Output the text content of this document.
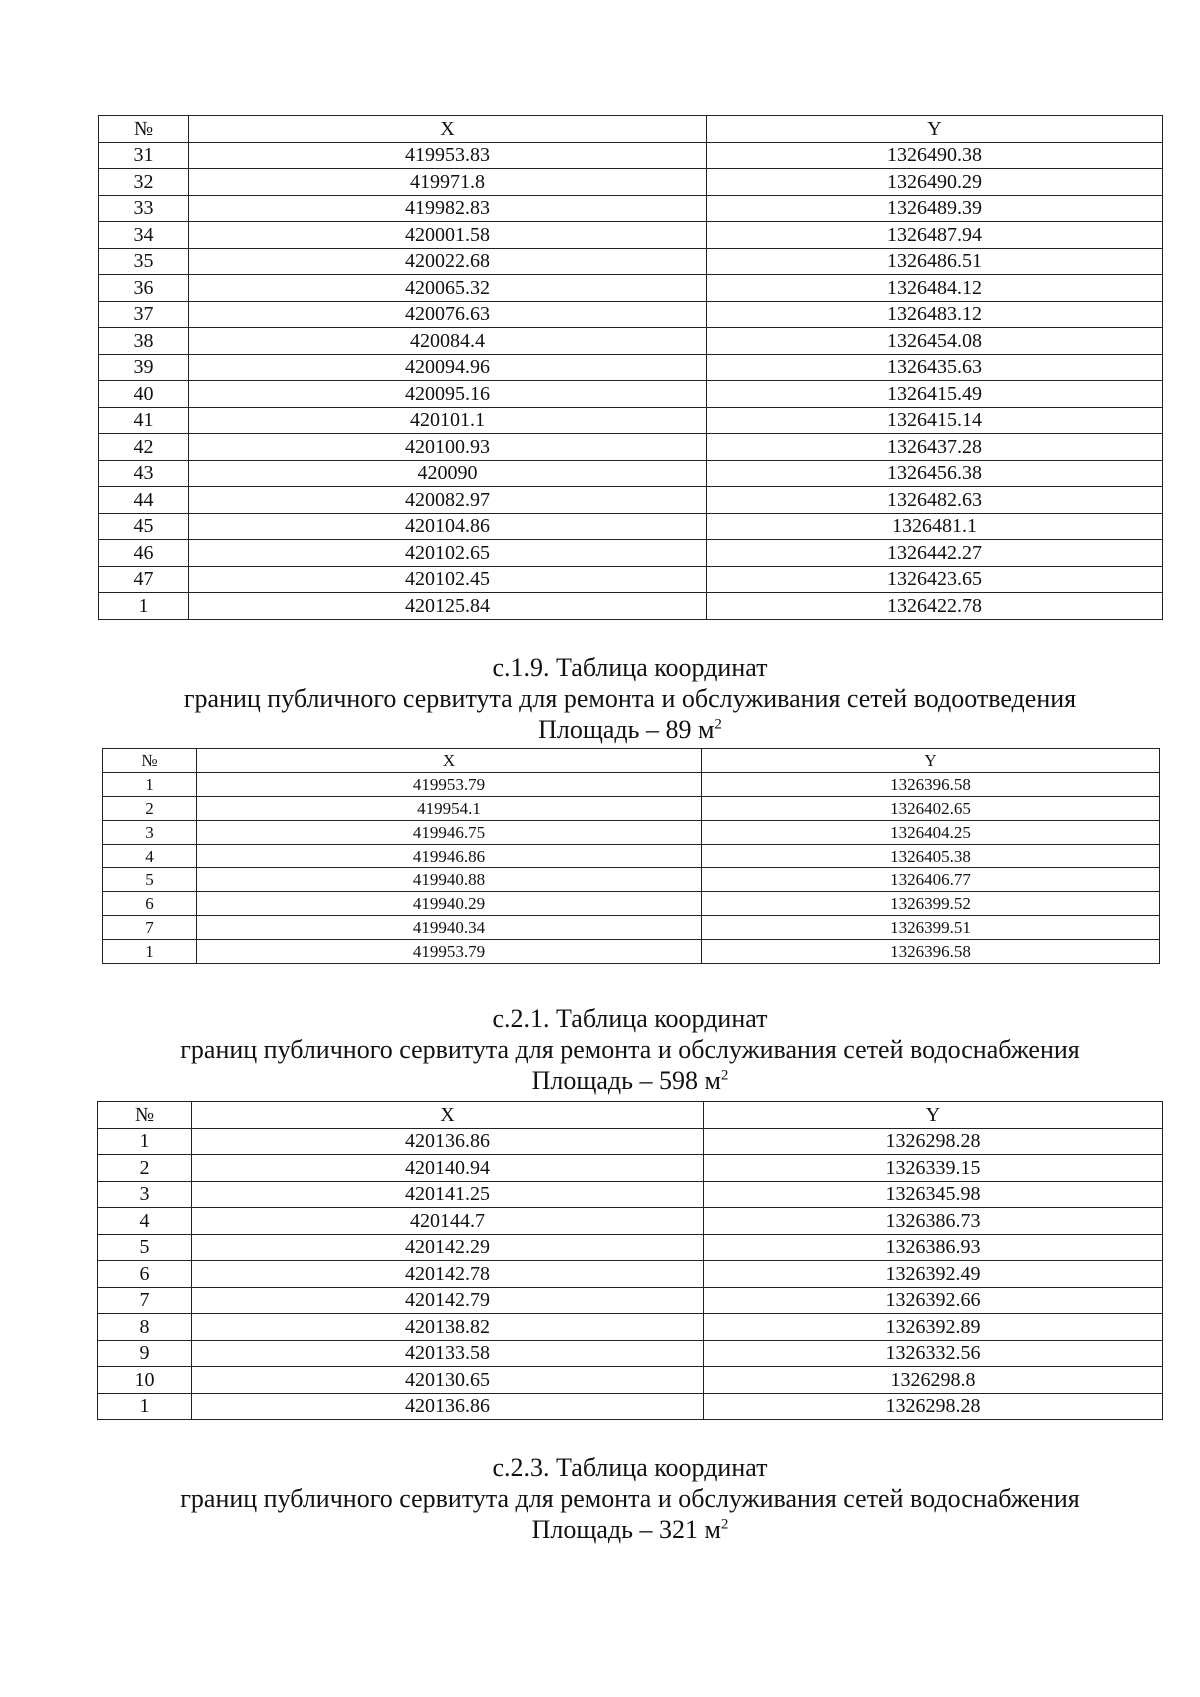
№	X	Y
31	419953.83	1326490.38
32	419971.8	1326490.29
33	419982.83	1326489.39
34	420001.58	1326487.94
35	420022.68	1326486.51
36	420065.32	1326484.12
37	420076.63	1326483.12
38	420084.4	1326454.08
39	420094.96	1326435.63
40	420095.16	1326415.49
41	420101.1	1326415.14
42	420100.93	1326437.28
43	420090	1326456.38
44	420082.97	1326482.63
45	420104.86	1326481.1
46	420102.65	1326442.27
47	420102.45	1326423.65
1	420125.84	1326422.78
с.1.9. Таблица координат
границ публичного сервитута для ремонта и обслуживания сетей водоотведения
Площадь – 89 $м^2$
№	X	Y
1	419953.79	1326396.58
2	419954.1	1326402.65
3	419946.75	1326404.25
4	419946.86	1326405.38
5	419940.88	1326406.77
6	419940.29	1326399.52
7	419940.34	1326399.51
1	419953.79	1326396.58
с.2.1. Таблица координат
границ публичного сервитута для ремонта и обслуживания сетей водоснабжения
Площадь – 598 $м^2$
№	X	Y
1	420136.86	1326298.28
2	420140.94	1326339.15
3	420141.25	1326345.98
4	420144.7	1326386.73
5	420142.29	1326386.93
6	420142.78	1326392.49
7	420142.79	1326392.66
8	420138.82	1326392.89
9	420133.58	1326332.56
10	420130.65	1326298.8
1	420136.86	1326298.28
с.2.3. Таблица координат
границ публичного сервитута для ремонта и обслуживания сетей водоснабжения
Площадь – 321 $м^2$
